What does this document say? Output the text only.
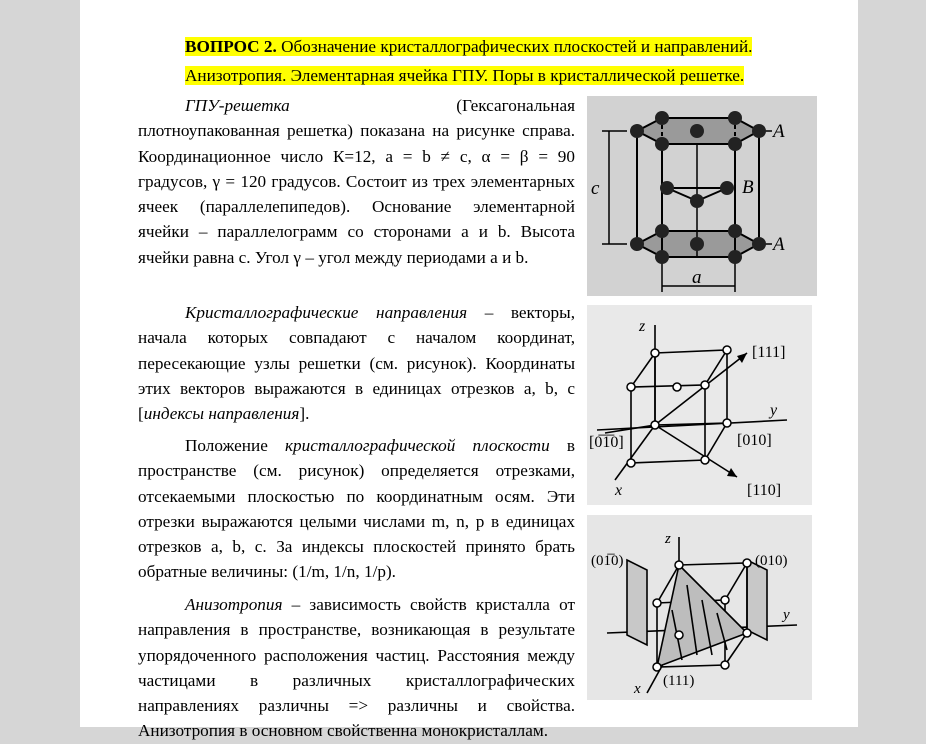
ВОПРОС 2. Обозначение кристаллографических плоскостей и направлений. Анизотропия. Элементарная ячейка ГПУ. Поры в кристаллической решетке.

ГПУ-решетка	(Гексагональная

плотноупакованная решетка) показана на рисунке справа. Координационное число К=12, a = b ≠ c, α = β = 90 градусов, γ = 120 градусов. Состоит из трех элементарных ячеек (параллелепипедов). Основание элементарной ячейки – параллелограмм со сторонами a и b. Высота ячейки равна c. Угол γ – угол между периодами a и b.

Кристаллографические направления – векторы, начала которых совпадают с началом координат, пересекающие узлы решетки (см. рисунок). Координаты этих векторов выражаются в единицах отрезков a, b, c [индексы направления].

Положение кристаллографической плоскости в пространстве (см. рисунок) определяется отрезками, отсекаемыми плоскостью по координатным осям. Эти отрезки выражаются целыми числами m, n, p в единицах отрезков a, b, c. За индексы плоскостей принято брать обратные величины: (1/m, 1/n, 1/p).

Анизотропия – зависимость свойств кристалла от направления в пространстве, возникающая в результате упорядоченного расположения частиц. Расстояния между частицами в различных кристаллографических направлениях различны => различны и свойства. Анизотропия в основном свойственна монокристаллам.

A
B
A
c
a
z
y
x
[111]
[010]
[0̅1̅0]
[110]
z
y
x
(01̅0)	(010)
(111)
